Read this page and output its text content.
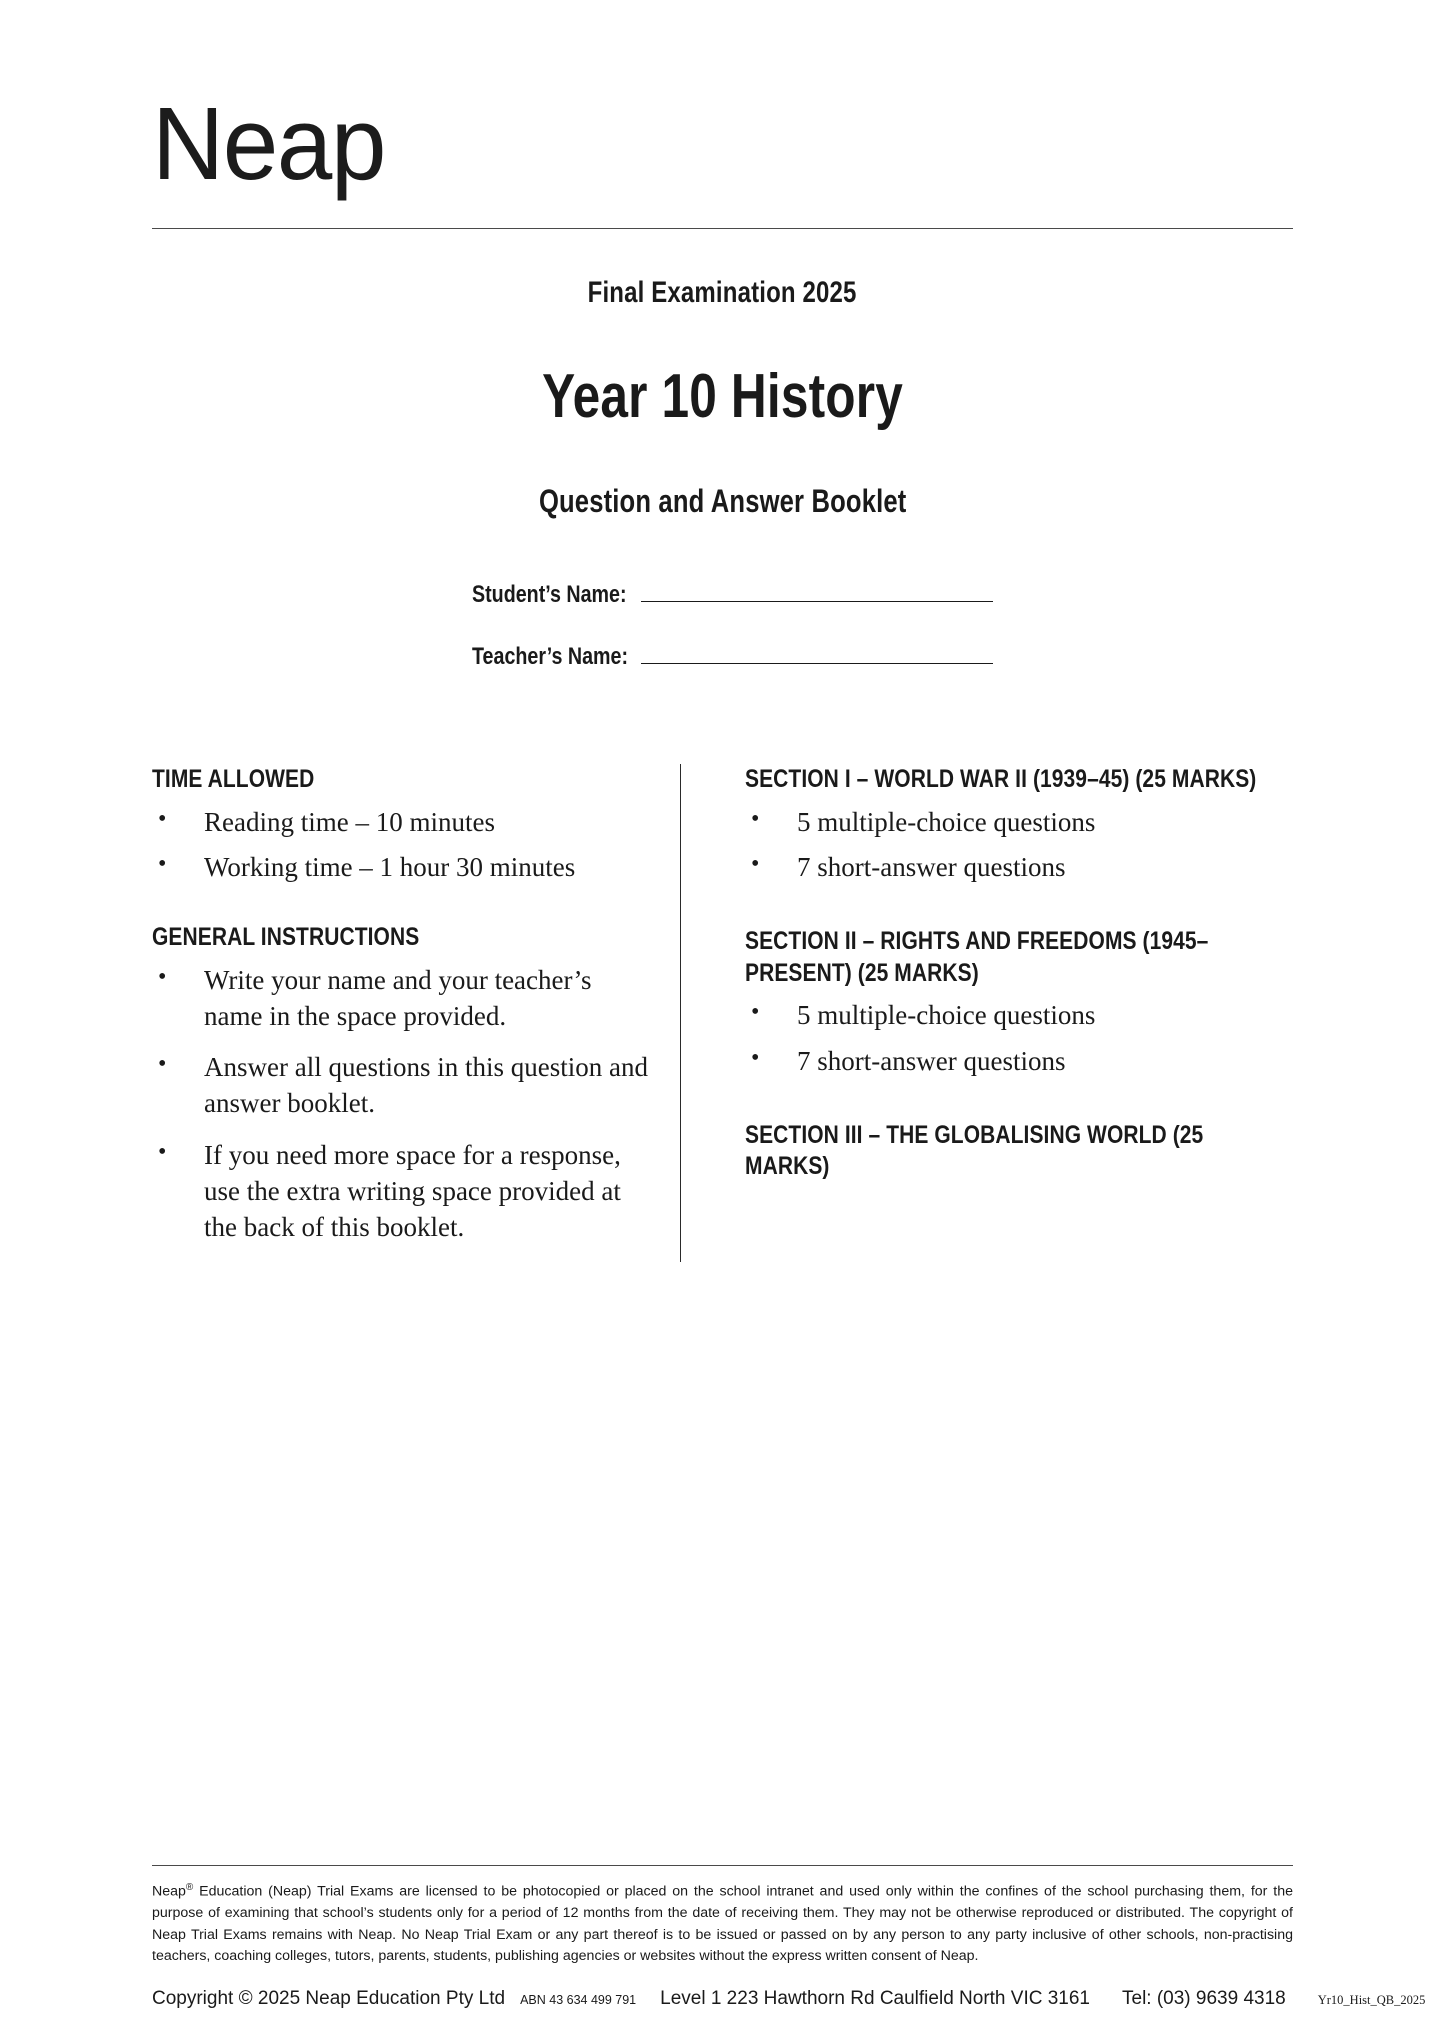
Neap
Final Examination 2025
Year 10 History
Question and Answer Booklet
Student’s Name:
Teacher’s Name:
TIME ALLOWED
• Reading time – 10 minutes
• Working time – 1 hour 30 minutes
GENERAL INSTRUCTIONS
• Write your name and your teacher’s name in the space provided.
• Answer all questions in this question and answer booklet.
• If you need more space for a response, use the extra writing space provided at the back of this booklet.
SECTION I – WORLD WAR II (1939–45) (25 MARKS)
• 5 multiple-choice questions
• 7 short-answer questions
SECTION II – RIGHTS AND FREEDOMS (1945– PRESENT) (25 MARKS)
• 5 multiple-choice questions
• 7 short-answer questions
SECTION III – THE GLOBALISING WORLD (25 MARKS)

Neap® Education (Neap) Trial Exams are licensed to be photocopied or placed on the school intranet and used only within the confines of the school purchasing them, for the purpose of examining that school’s students only for a period of 12 months from the date of receiving them. They may not be otherwise reproduced or distributed. The copyright of Neap Trial Exams remains with Neap. No Neap Trial Exam or any part thereof is to be issued or passed on by any person to any party inclusive of other schools, non-practising teachers, coaching colleges, tutors, parents, students, publishing agencies or websites without the express written consent of Neap.

Copyright © 2025 Neap Education Pty Ltd ABN 43 634 499 791 Level 1 223 Hawthorn Rd Caulfield North VIC 3161 Tel: (03) 9639 4318	Yr10_Hist_QB_2025
